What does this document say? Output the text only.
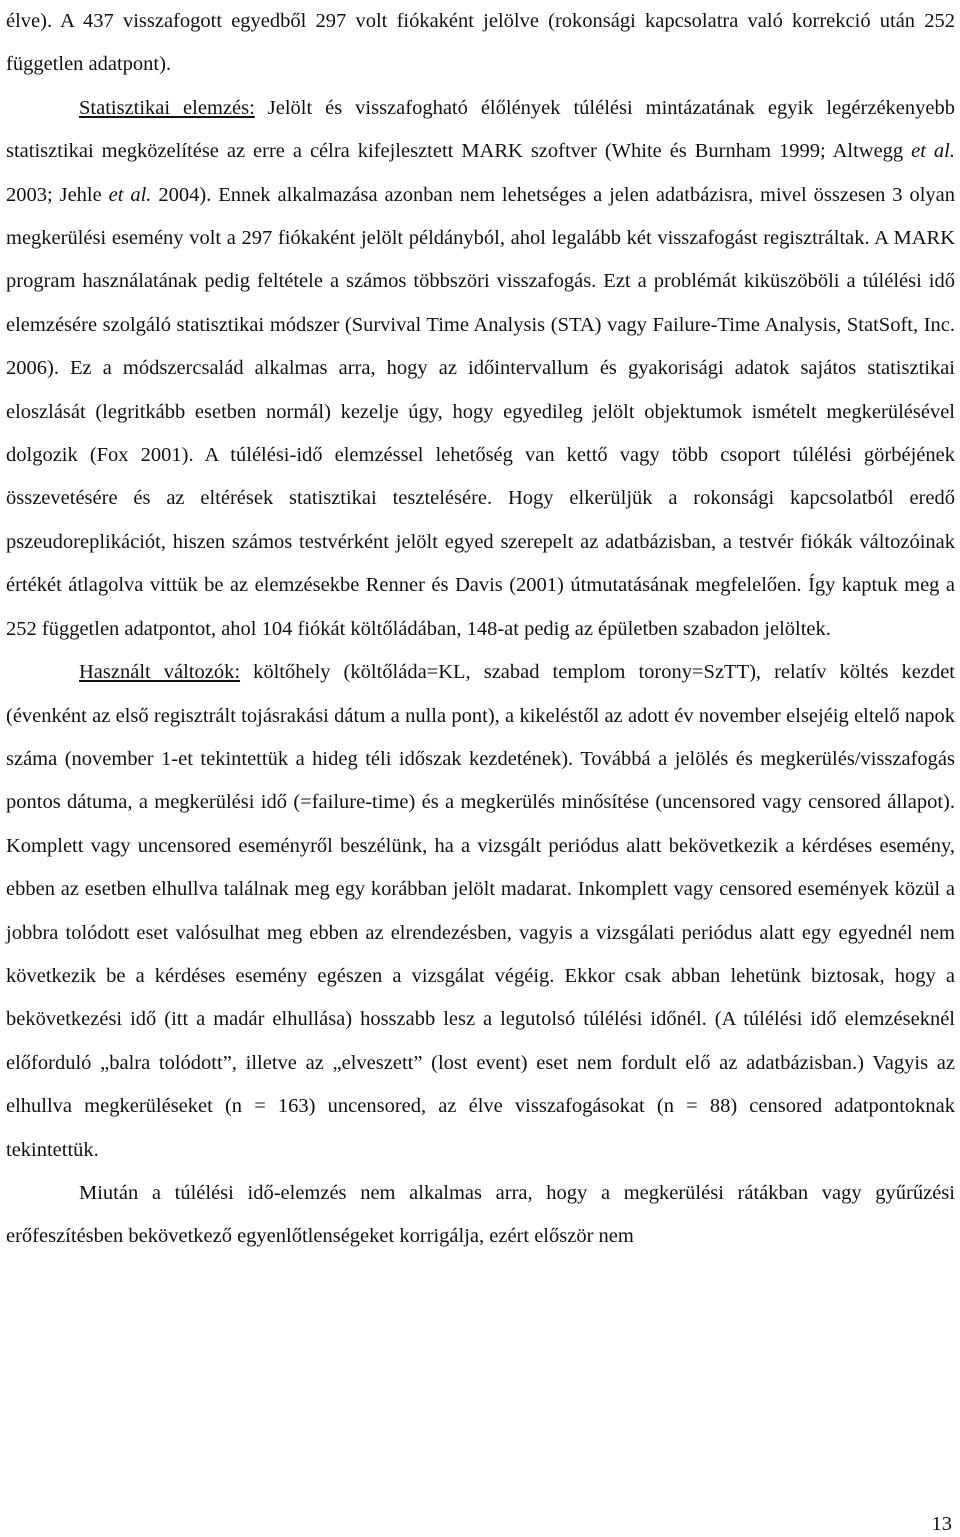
élve). A 437 visszafogott egyedből 297 volt fiókaként jelölve (rokonsági kapcsolatra való korrekció után 252 független adatpont).

Statisztikai elemzés: Jelölt és visszafogható élőlények túlélési mintázatának egyik legérzékenyebb statisztikai megközelítése az erre a célra kifejlesztett MARK szoftver (White és Burnham 1999; Altwegg et al. 2003; Jehle et al. 2004). Ennek alkalmazása azonban nem lehetséges a jelen adatbázisra, mivel összesen 3 olyan megkerülési esemény volt a 297 fiókaként jelölt példányból, ahol legalább két visszafogást regisztráltak. A MARK program használatának pedig feltétele a számos többszöri visszafogás. Ezt a problémát kiküszöböli a túlélési idő elemzésére szolgáló statisztikai módszer (Survival Time Analysis (STA) vagy Failure-Time Analysis, StatSoft, Inc. 2006). Ez a módszercsalád alkalmas arra, hogy az időintervallum és gyakorisági adatok sajátos statisztikai eloszlását (legritkább esetben normál) kezelje úgy, hogy egyedileg jelölt objektumok ismételt megkerülésével dolgozik (Fox 2001). A túlélési-idő elemzéssel lehetőség van kettő vagy több csoport túlélési görbéjének összevetésére és az eltérések statisztikai tesztelésére. Hogy elkerüljük a rokonsági kapcsolatból eredő pszeudoreplikációt, hiszen számos testvérként jelölt egyed szerepelt az adatbázisban, a testvér fiókák változóinak értékét átlagolva vittük be az elemzésekbe Renner és Davis (2001) útmutatásának megfelelően. Így kaptuk meg a 252 független adatpontot, ahol 104 fiókát költőládában, 148-at pedig az épületben szabadon jelöltek.

Használt változók: költőhely (költőláda=KL, szabad templom torony=SzTT), relatív költés kezdet (évenként az első regisztrált tojásrakási dátum a nulla pont), a kikeléstől az adott év november elsejéig eltelő napok száma (november 1-et tekintettük a hideg téli időszak kezdetének). Továbbá a jelölés és megkerülés/visszafogás pontos dátuma, a megkerülési idő (=failure-time) és a megkerülés minősítése (uncensored vagy censored állapot). Komplett vagy uncensored eseményről beszélünk, ha a vizsgált periódus alatt bekövetkezik a kérdéses esemény, ebben az esetben elhullva találnak meg egy korábban jelölt madarat. Inkomplett vagy censored események közül a jobbra tolódott eset valósulhat meg ebben az elrendezésben, vagyis a vizsgálati periódus alatt egy egyednél nem következik be a kérdéses esemény egészen a vizsgálat végéig. Ekkor csak abban lehetünk biztosak, hogy a bekövetkezési idő (itt a madár elhullása) hosszabb lesz a legutolsó túlélési időnél. (A túlélési idő elemzéseknél előforduló „balra tolódott”, illetve az „elveszett” (lost event) eset nem fordult elő az adatbázisban.) Vagyis az elhullva megkerüléseket (n = 163) uncensored, az élve visszafogásokat (n = 88) censored adatpontoknak tekintettük.

Miután a túlélési idő-elemzés nem alkalmas arra, hogy a megkerülési rátákban vagy gyűrűzési erőfeszítésben bekövetkező egyenlőtlenségeket korrigálja, ezért először nem

13
